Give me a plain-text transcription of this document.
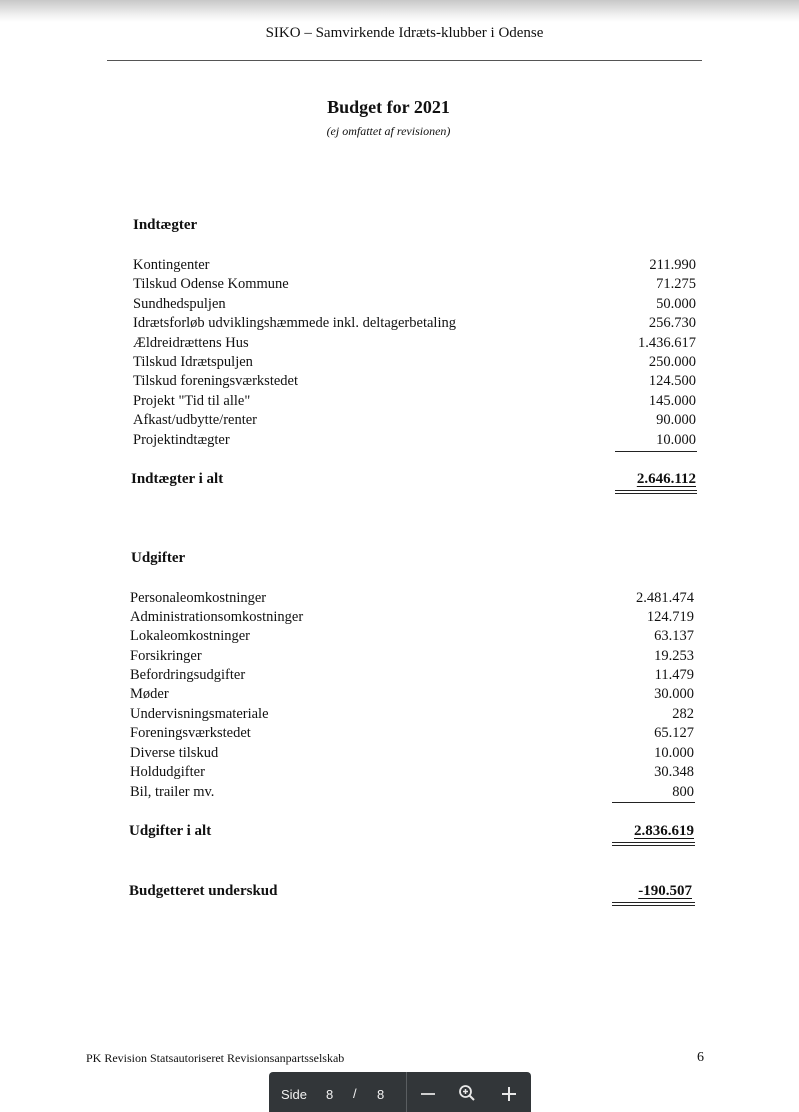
SIKO – Samvirkende Idræts-klubber i Odense
Budget for 2021
(ej omfattet af revisionen)
Indtægter
Kontingenter	211.990
Tilskud Odense Kommune	71.275
Sundhedspuljen	50.000
Idrætsforløb udviklingshæmmede inkl. deltagerbetaling	256.730
Ældreidrættens Hus	1.436.617
Tilskud Idrætspuljen	250.000
Tilskud foreningsværkstedet	124.500
Projekt "Tid til alle"	145.000
Afkast/udbytte/renter	90.000
Projektindtægter	10.000
Indtægter i alt	2.646.112
Udgifter
Personaleomkostninger	2.481.474
Administrationsomkostninger	124.719
Lokaleomkostninger	63.137
Forsikringer	19.253
Befordringsudgifter	11.479
Møder	30.000
Undervisningsmateriale	282
Foreningsværkstedet	65.127
Diverse tilskud	10.000
Holdudgifter	30.348
Bil, trailer mv.	800
Udgifter i alt	2.836.619
Budgetteret underskud	-190.507
PK Revision Statsautoriseret Revisionsanpartsselskab	6
Side 8 / 8
